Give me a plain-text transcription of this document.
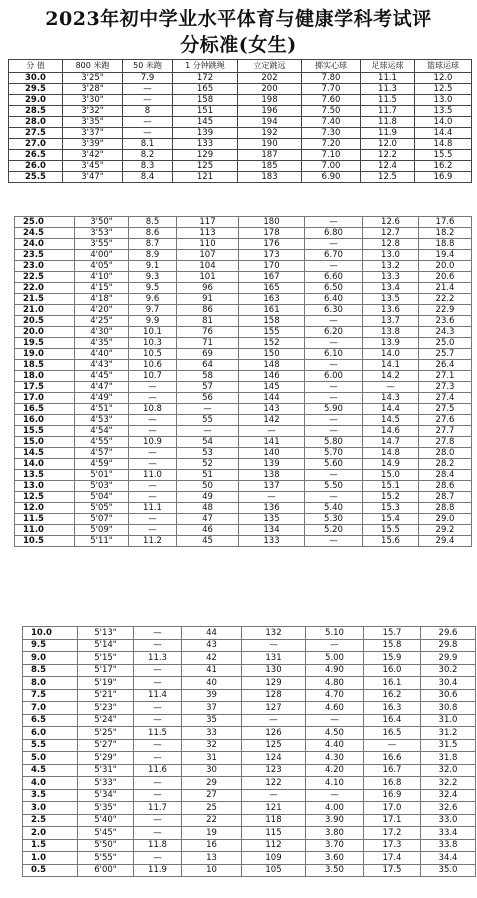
2023年初中学业水平体育与健康学科考试评
分标准(女生)
分 值	800 米跑	50 米跑	1 分钟跳绳	立定跳远	掷实心球	足球运球	篮球运球
30.0	3'25"	7.9	172	202	7.80	11.1	12.0
29.5	3'28"	—	165	200	7.70	11.3	12.5
29.0	3'30"	—	158	198	7.60	11.5	13.0
28.5	3'32"	8	151	196	7.50	11.7	13.5
28.0	3'35"	—	145	194	7.40	11.8	14.0
27.5	3'37"	—	139	192	7.30	11.9	14.4
27.0	3'39"	8.1	133	190	7.20	12.0	14.8
26.5	3'42"	8.2	129	187	7.10	12.2	15.5
26.0	3'45"	8.3	125	185	7.00	12.4	16.2
25.5	3'47"	8.4	121	183	6.90	12.5	16.9
25.0	3'50"	8.5	117	180	—	12.6	17.6
24.5	3'53"	8.6	113	178	6.80	12.7	18.2
24.0	3'55"	8.7	110	176	—	12.8	18.8
23.5	4'00"	8.9	107	173	6.70	13.0	19.4
23.0	4'05"	9.1	104	170	—	13.2	20.0
22.5	4'10"	9.3	101	167	6.60	13.3	20.6
22.0	4'15"	9.5	96	165	6.50	13.4	21.4
21.5	4'18"	9.6	91	163	6.40	13.5	22.2
21.0	4'20"	9.7	86	161	6.30	13.6	22.9
20.5	4'25"	9.9	81	158	—	13.7	23.6
20.0	4'30"	10.1	76	155	6.20	13.8	24.3
19.5	4'35"	10.3	71	152	—	13.9	25.0
19.0	4'40"	10.5	69	150	6.10	14.0	25.7
18.5	4'43"	10.6	64	148	—	14.1	26.4
18.0	4'45"	10.7	58	146	6.00	14.2	27.1
17.5	4'47"	—	57	145	—	—	27.3
17.0	4'49"	—	56	144	—	14.3	27.4
16.5	4'51"	10.8	—	143	5.90	14.4	27.5
16.0	4'53"	—	55	142	—	14.5	27.6
15.5	4'54"	—	—	—	—	14.6	27.7
15.0	4'55"	10.9	54	141	5.80	14.7	27.8
14.5	4'57"	—	53	140	5.70	14.8	28.0
14.0	4'59"	—	52	139	5.60	14.9	28.2
13.5	5'01"	11.0	51	138	—	15.0	28.4
13.0	5'03"	—	50	137	5.50	15.1	28.6
12.5	5'04"	—	49	—	—	15.2	28.7
12.0	5'05"	11.1	48	136	5.40	15.3	28.8
11.5	5'07"	—	47	135	5.30	15.4	29.0
11.0	5'09"	—	46	134	5.20	15.5	29.2
10.5	5'11"	11.2	45	133	—	15.6	29.4
10.0	5'13"	—	44	132	5.10	15.7	29.6
9.5	5'14"	—	43	—	—	15.8	29.8
9.0	5'15"	11.3	42	131	5.00	15.9	29.9
8.5	5'17"	—	41	130	4.90	16.0	30.2
8.0	5'19"	—	40	129	4.80	16.1	30.4
7.5	5'21"	11.4	39	128	4.70	16.2	30.6
7.0	5'23"	—	37	127	4.60	16.3	30.8
6.5	5'24"	—	35	—	—	16.4	31.0
6.0	5'25"	11.5	33	126	4.50	16.5	31.2
5.5	5'27"	—	32	125	4.40	—	31.5
5.0	5'29"	—	31	124	4.30	16.6	31.8
4.5	5'31"	11.6	30	123	4.20	16.7	32.0
4.0	5'33"	—	29	122	4.10	16.8	32.2
3.5	5'34"	—	27	—	—	16.9	32.4
3.0	5'35"	11.7	25	121	4.00	17.0	32.6
2.5	5'40"	—	22	118	3.90	17.1	33.0
2.0	5'45"	—	19	115	3.80	17.2	33.4
1.5	5'50"	11.8	16	112	3.70	17.3	33.8
1.0	5'55"	—	13	109	3.60	17.4	34.4
0.5	6'00"	11.9	10	105	3.50	17.5	35.0
